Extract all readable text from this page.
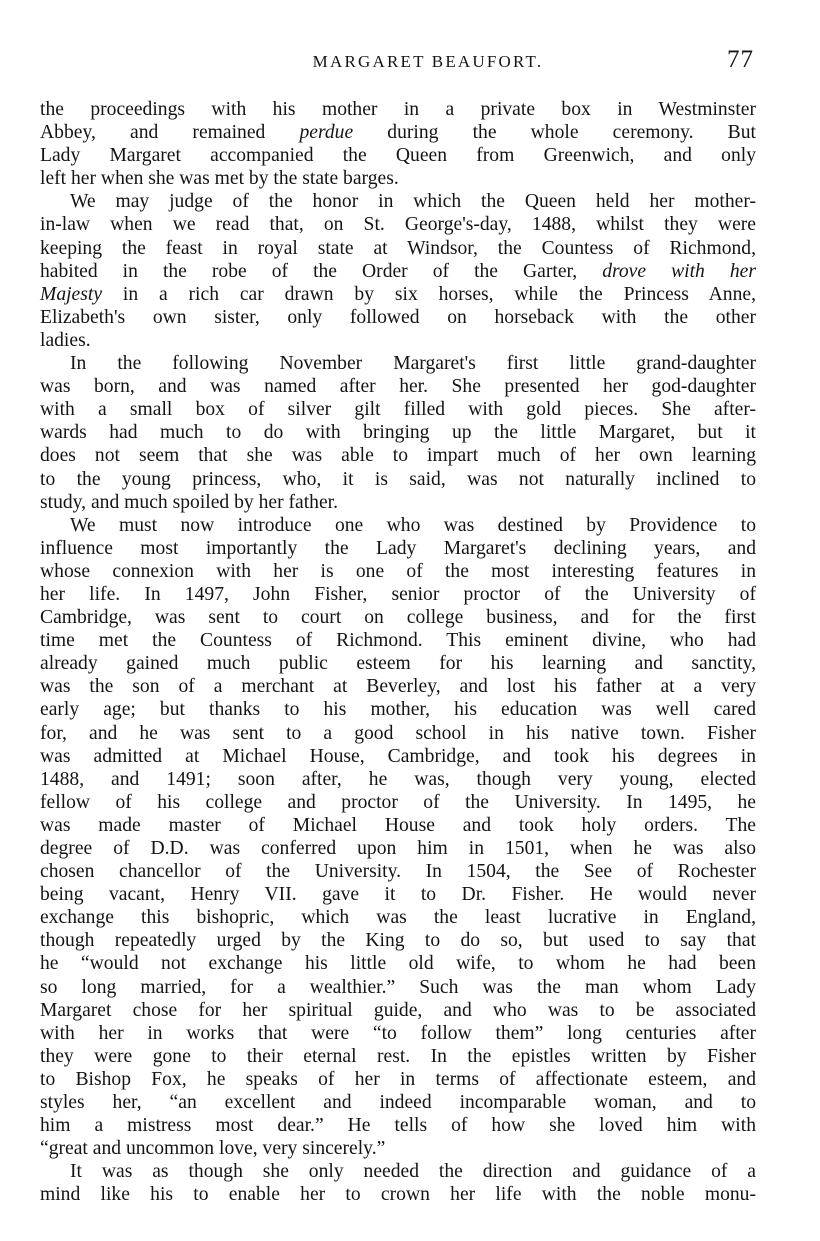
MARGARET BEAUFORT.	77
the proceedings with his mother in a private box in Westminster
Abbey, and remained perdue during the whole ceremony. But
Lady Margaret accompanied the Queen from Greenwich, and only
left her when she was met by the state barges.
We may judge of the honor in which the Queen held her mother-
in-law when we read that, on St. George's-day, 1488, whilst they were
keeping the feast in royal state at Windsor, the Countess of Richmond,
habited in the robe of the Order of the Garter, drove with her
Majesty in a rich car drawn by six horses, while the Princess Anne,
Elizabeth's own sister, only followed on horseback with the other
ladies.
In the following November Margaret's first little grand-daughter
was born, and was named after her. She presented her god-daughter
with a small box of silver gilt filled with gold pieces. She after-
wards had much to do with bringing up the little Margaret, but it
does not seem that she was able to impart much of her own learning
to the young princess, who, it is said, was not naturally inclined to
study, and much spoiled by her father.
We must now introduce one who was destined by Providence to
influence most importantly the Lady Margaret's declining years, and
whose connexion with her is one of the most interesting features in
her life. In 1497, John Fisher, senior proctor of the University of
Cambridge, was sent to court on college business, and for the first
time met the Countess of Richmond. This eminent divine, who had
already gained much public esteem for his learning and sanctity,
was the son of a merchant at Beverley, and lost his father at a very
early age; but thanks to his mother, his education was well cared
for, and he was sent to a good school in his native town. Fisher
was admitted at Michael House, Cambridge, and took his degrees in
1488, and 1491; soon after, he was, though very young, elected
fellow of his college and proctor of the University. In 1495, he
was made master of Michael House and took holy orders. The
degree of D.D. was conferred upon him in 1501, when he was also
chosen chancellor of the University. In 1504, the See of Rochester
being vacant, Henry VII. gave it to Dr. Fisher. He would never
exchange this bishopric, which was the least lucrative in England,
though repeatedly urged by the King to do so, but used to say that
he “would not exchange his little old wife, to whom he had been
so long married, for a wealthier.” Such was the man whom Lady
Margaret chose for her spiritual guide, and who was to be associated
with her in works that were “to follow them” long centuries after
they were gone to their eternal rest. In the epistles written by Fisher
to Bishop Fox, he speaks of her in terms of affectionate esteem, and
styles her, “an excellent and indeed incomparable woman, and to
him a mistress most dear.” He tells of how she loved him with
“great and uncommon love, very sincerely.”
It was as though she only needed the direction and guidance of a
mind like his to enable her to crown her life with the noble monu-
